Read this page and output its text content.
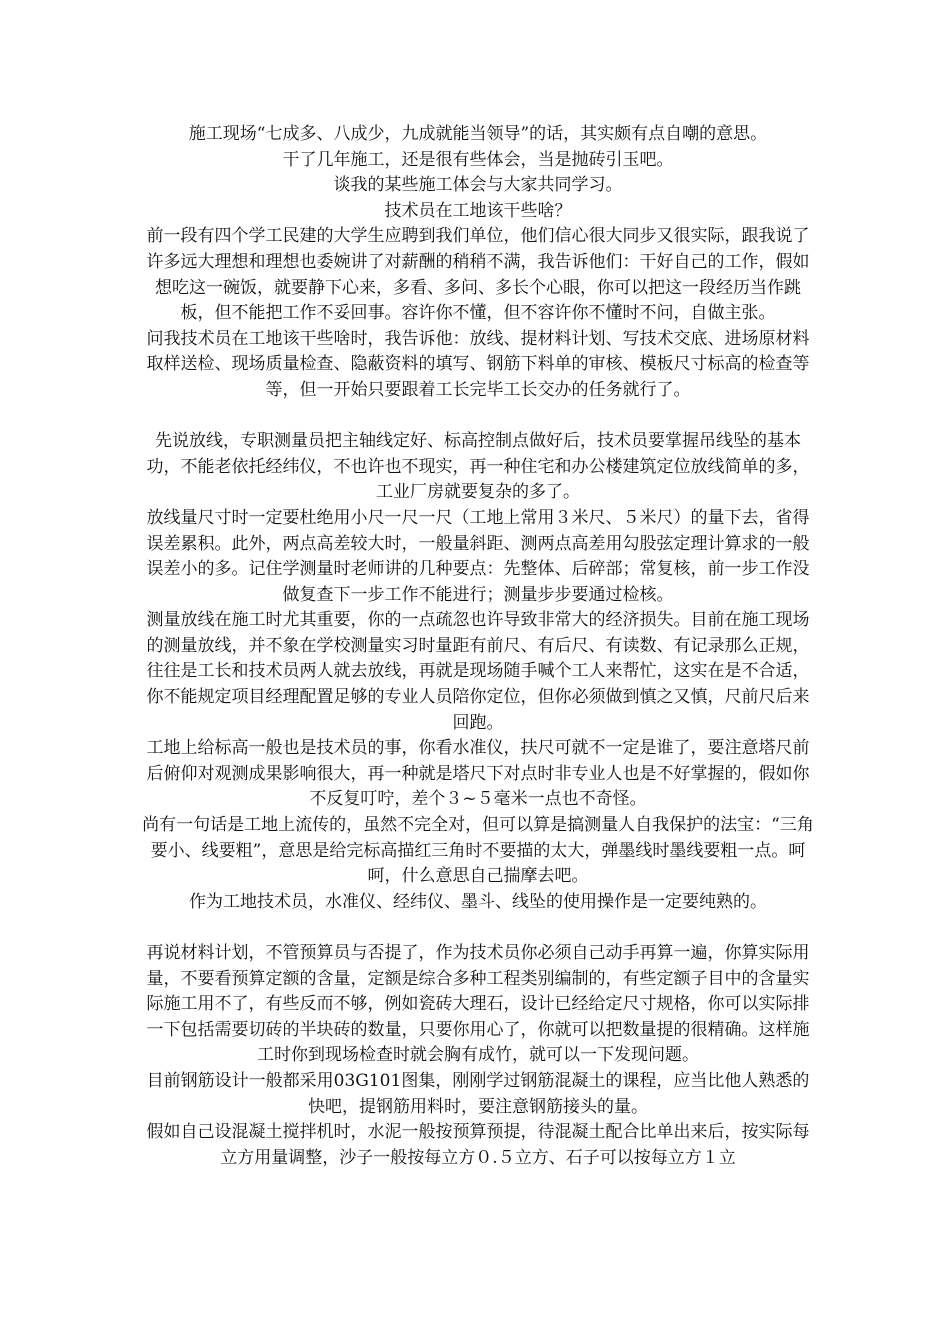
施工现场“七成多、八成少，九成就能当领导”的话，其实颇有点自嘲的意思。

干了几年施工，还是很有些体会，当是抛砖引玉吧。

谈我的某些施工体会与大家共同学习。

技术员在工地该干些啥？

前一段有四个学工民建的大学生应聘到我们单位，他们信心很大同步又很实际，跟我说了许多远大理想和理想也委婉讲了对薪酬的稍稍不满，我告诉他们：干好自己的工作，假如想吃这一碗饭，就要静下心来，多看、多问、多长个心眼，你可以把这一段经历当作跳板，但不能把工作不妥回事。容许你不懂，但不容许你不懂时不问，自做主张。

问我技术员在工地该干些啥时，我告诉他：放线、提材料计划、写技术交底、进场原材料取样送检、现场质量检查、隐蔽资料的填写、钢筋下料单的审核、模板尺寸标高的检查等等，但一开始只要跟着工长完毕工长交办的任务就行了。

先说放线，专职测量员把主轴线定好、标高控制点做好后，技术员要掌握吊线坠的基本功，不能老依托经纬仪，不也许也不现实，再一种住宅和办公楼建筑定位放线简单的多，工业厂房就要复杂的多了。

放线量尺寸时一定要杜绝用小尺一尺一尺（工地上常用３米尺、５米尺）的量下去，省得误差累积。此外，两点高差较大时，一般量斜距、测两点高差用勾股弦定理计算求的一般误差小的多。记住学测量时老师讲的几种要点：先整体、后碎部；常复核，前一步工作没做复查下一步工作不能进行；测量步步要通过检核。

测量放线在施工时尤其重要，你的一点疏忽也许导致非常大的经济损失。目前在施工现场的测量放线，并不象在学校测量实习时量距有前尺、有后尺、有读数、有记录那么正规，往往是工长和技术员两人就去放线，再就是现场随手喊个工人来帮忙，这实在是不合适，你不能规定项目经理配置足够的专业人员陪你定位，但你必须做到慎之又慎，尺前尺后来回跑。

工地上给标高一般也是技术员的事，你看水准仪，扶尺可就不一定是谁了，要注意塔尺前后俯仰对观测成果影响很大，再一种就是塔尺下对点时非专业人也是不好掌握的，假如你不反复叮咛，差个３~５毫米一点也不奇怪。

尚有一句话是工地上流传的，虽然不完全对，但可以算是搞测量人自我保护的法宝：“三角要小、线要粗”，意思是给完标高描红三角时不要描的太大，弹墨线时墨线要粗一点。呵呵，什么意思自己揣摩去吧。

作为工地技术员，水准仪、经纬仪、墨斗、线坠的使用操作是一定要纯熟的。

再说材料计划，不管预算员与否提了，作为技术员你必须自己动手再算一遍，你算实际用量，不要看预算定额的含量，定额是综合多种工程类别编制的，有些定额子目中的含量实际施工用不了，有些反而不够，例如瓷砖大理石，设计已经给定尺寸规格，你可以实际排一下包括需要切砖的半块砖的数量，只要你用心了，你就可以把数量提的很精确。这样施工时你到现场检查时就会胸有成竹，就可以一下发现问题。

目前钢筋设计一般都采用03G101图集，刚刚学过钢筋混凝土的课程，应当比他人熟悉的快吧，提钢筋用料时，要注意钢筋接头的量。

假如自己设混凝土搅拌机时，水泥一般按预算预提，待混凝土配合比单出来后，按实际每立方用量调整，沙子一般按每立方０.５立方、石子可以按每立方１立
